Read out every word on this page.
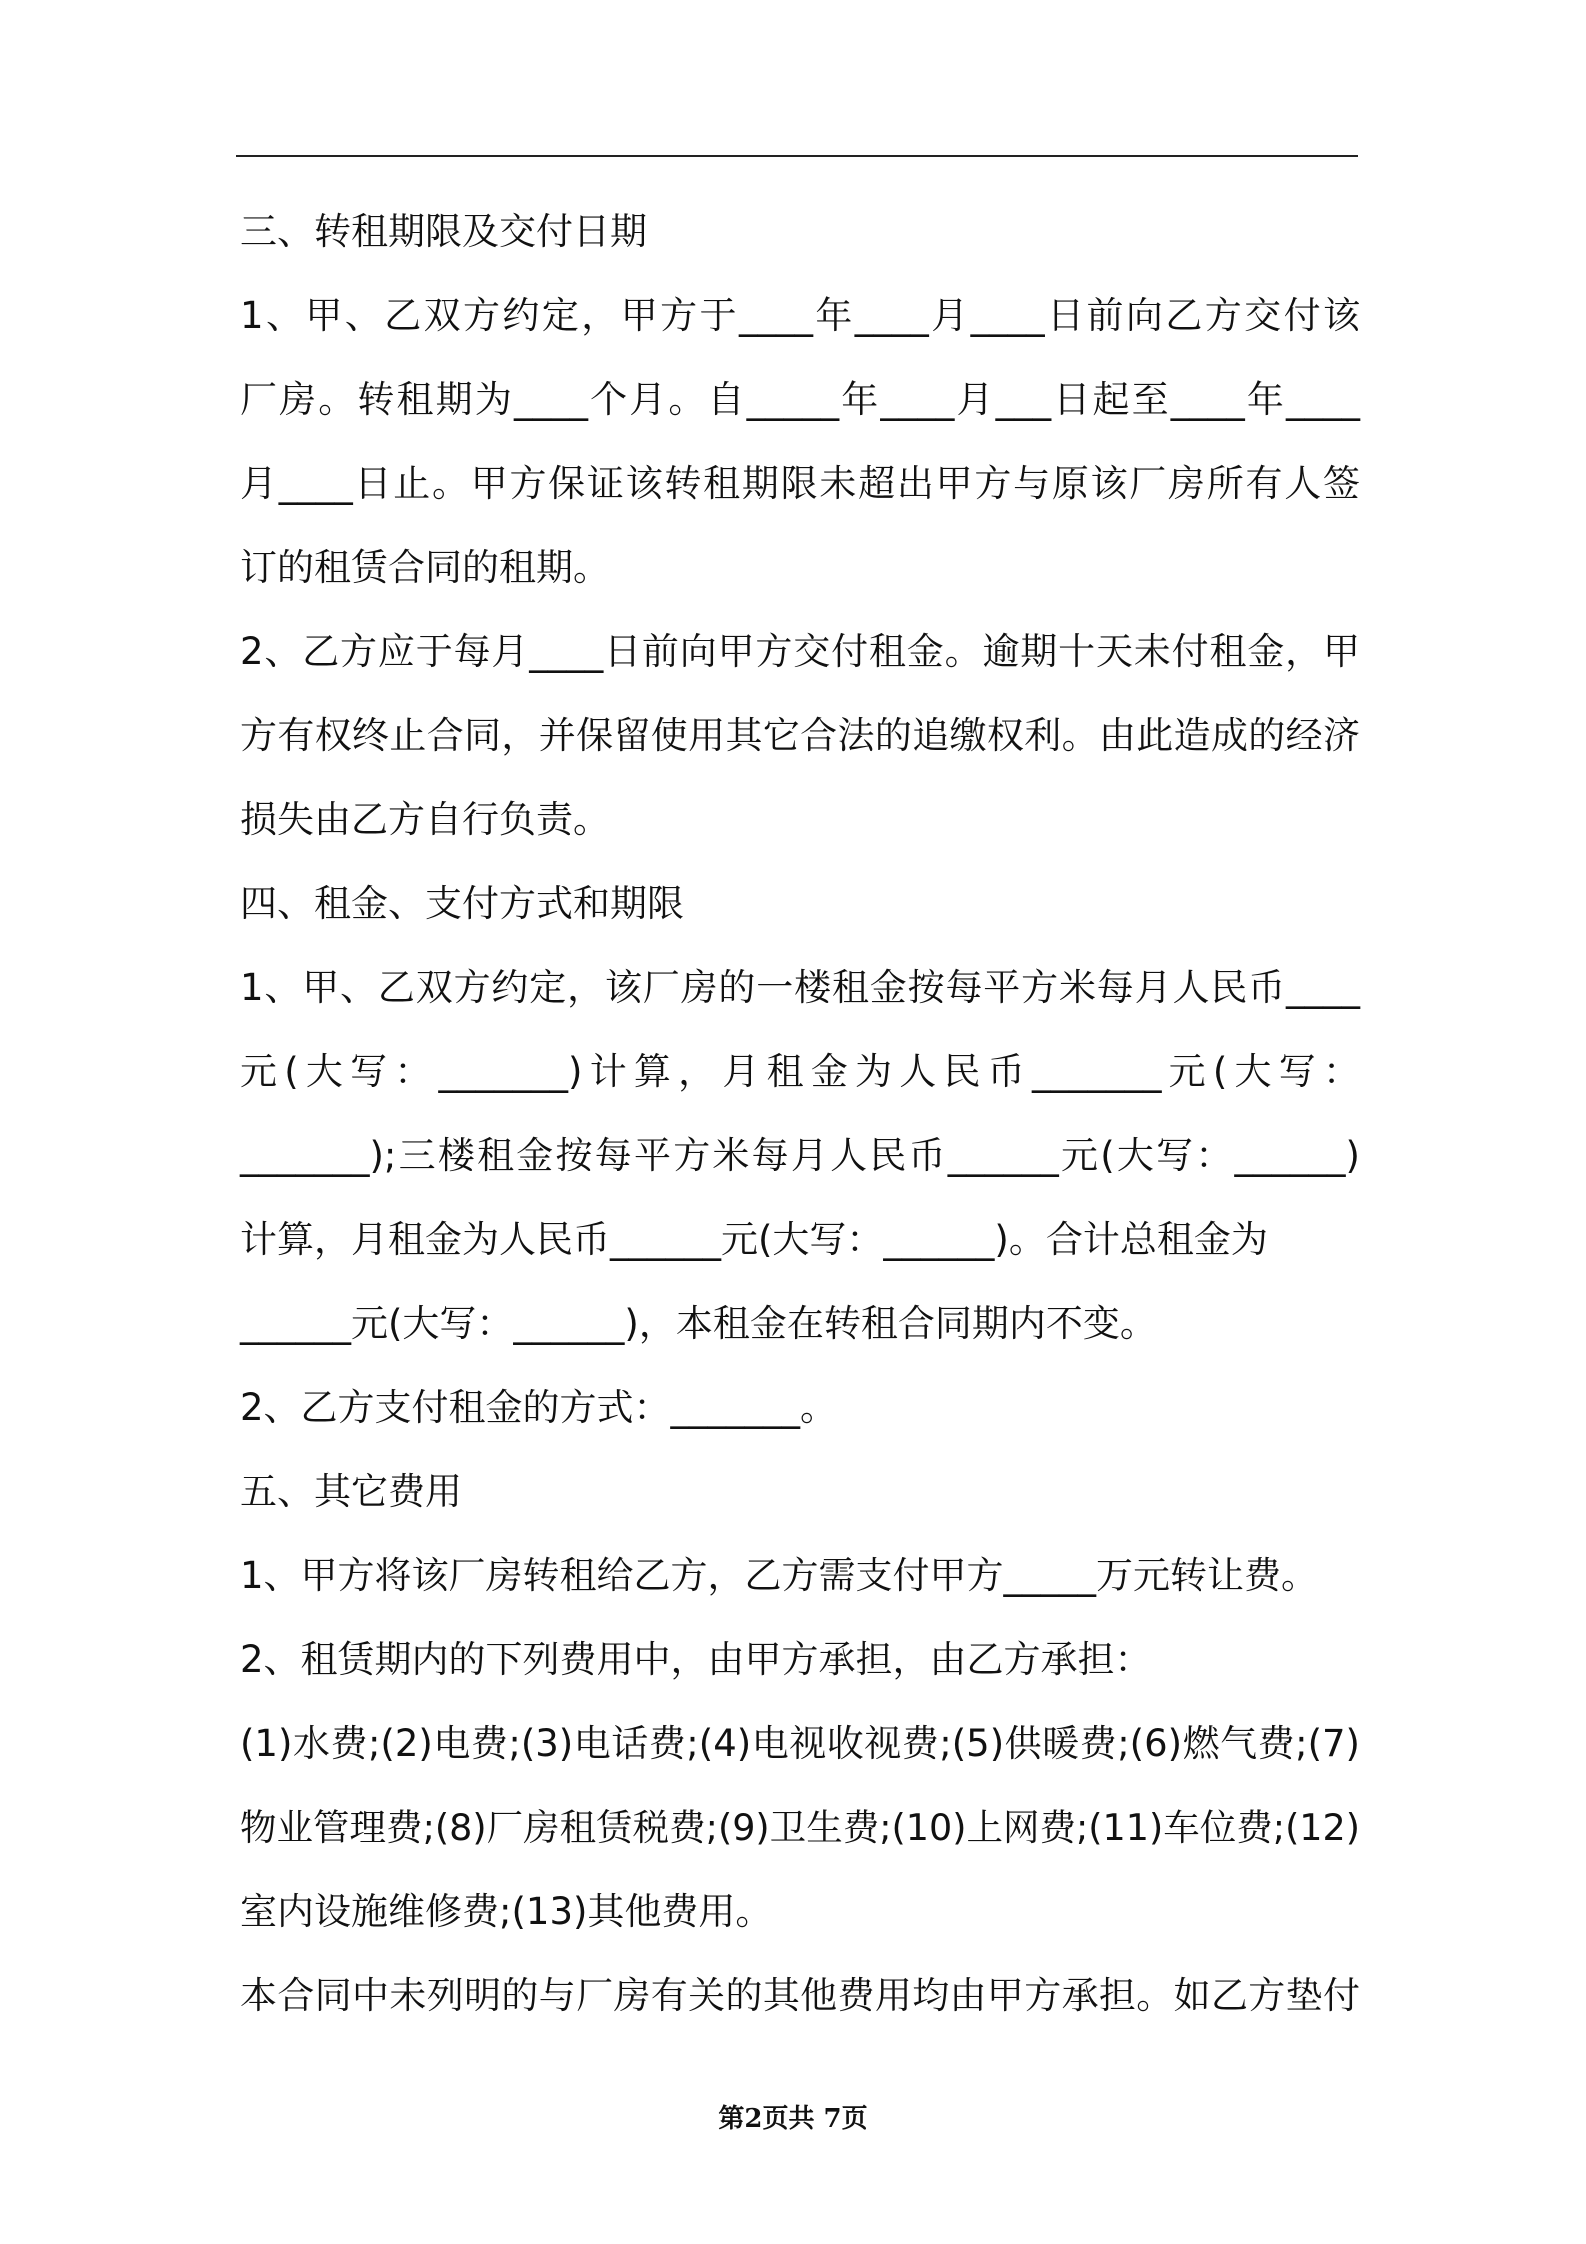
三、转租期限及交付日期
1、甲、乙双方约定，甲方于____年____月____日前向乙方交付该
厂房。转租期为____个月。自_____年____月___日起至____年____
月____日止。甲方保证该转租期限未超出甲方与原该厂房所有人签
订的租赁合同的租期。
2、乙方应于每月____日前向甲方交付租金。逾期十天未付租金，甲
方有权终止合同，并保留使用其它合法的追缴权利。由此造成的经济
损失由乙方自行负责。
四、租金、支付方式和期限
1、甲、乙双方约定，该厂房的一楼租金按每平方米每月人民币____
元(大写：_______)计算，月租金为人民币_______元(大写：
_______);三楼租金按每平方米每月人民币______元(大写：______)
计算，月租金为人民币______元(大写：______)。合计总租金为
______元(大写：______)，本租金在转租合同期内不变。
2、乙方支付租金的方式：_______。
五、其它费用
1、甲方将该厂房转租给乙方，乙方需支付甲方_____万元转让费。
2、租赁期内的下列费用中，由甲方承担，由乙方承担：
(1)水费;(2)电费;(3)电话费;(4)电视收视费;(5)供暖费;(6)燃气费;(7)
物业管理费;(8)厂房租赁税费;(9)卫生费;(10)上网费;(11)车位费;(12)
室内设施维修费;(13)其他费用。
本合同中未列明的与厂房有关的其他费用均由甲方承担。如乙方垫付
第2页共 7页
